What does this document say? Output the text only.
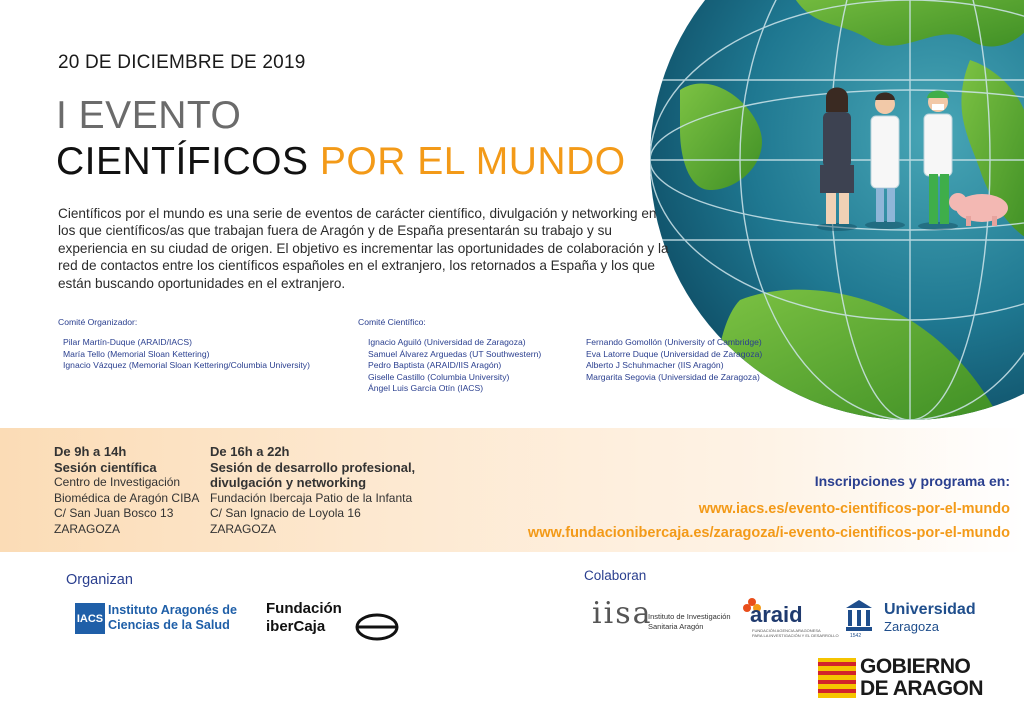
20 DE DICIEMBRE DE 2019
I EVENTO
CIENTÍFICOS POR EL MUNDO
Científicos por el mundo es una serie de eventos de carácter científico, divulgación y networking en los que científicos/as que trabajan fuera de Aragón y de España presentarán su trabajo y su experiencia en su ciudad de origen. El objetivo es incrementar las oportunidades de colaboración y la red de contactos entre los científicos españoles en el extranjero, los retornados a España y los que están buscando oportunidades en el extranjero.
Comité Organizador:
Pilar Martín-Duque (ARAID/IACS)
María Tello (Memorial Sloan Kettering)
Ignacio Vázquez (Memorial Sloan Kettering/Columbia University)
Comité Científico:
Ignacio Aguiló (Universidad de Zaragoza)
Samuel Álvarez Arguedas (UT Southwestern)
Pedro Baptista (ARAID/IIS Aragón)
Giselle Castillo (Columbia University)
Ángel Luis García Otín (IACS)
Fernando Gomollón (University of Cambridge)
Eva Latorre Duque (Universidad de Zaragoza)
Alberto J Schuhmacher (IIS Aragón)
Margarita Segovia (Universidad de Zaragoza)
De 9h a 14h
Sesión científica
Centro de Investigación
Biomédica de Aragón CIBA
C/ San Juan Bosco 13
ZARAGOZA
De 16h a 22h
Sesión de desarrollo profesional,
divulgación y networking
Fundación Ibercaja Patio de la Infanta
C/ San Ignacio de Loyola 16
ZARAGOZA
Inscripciones y programa en:
www.iacs.es/evento-cientificos-por-el-mundo
www.fundacionibercaja.es/zaragoza/i-evento-cientificos-por-el-mundo
Organizan
IACS
Instituto Aragonés de
Ciencias de la Salud
Fundación
iberCaja
Colaboran
iisa
Instituto de Investigación
Sanitaria Aragón	araid
FUNDACIÓN AGENCIA ARAGONESA
PARA LA INVESTIGACIÓN Y EL DESARROLLO 1542
Universidad
Zaragoza
GOBIERNO
DE ARAGON
